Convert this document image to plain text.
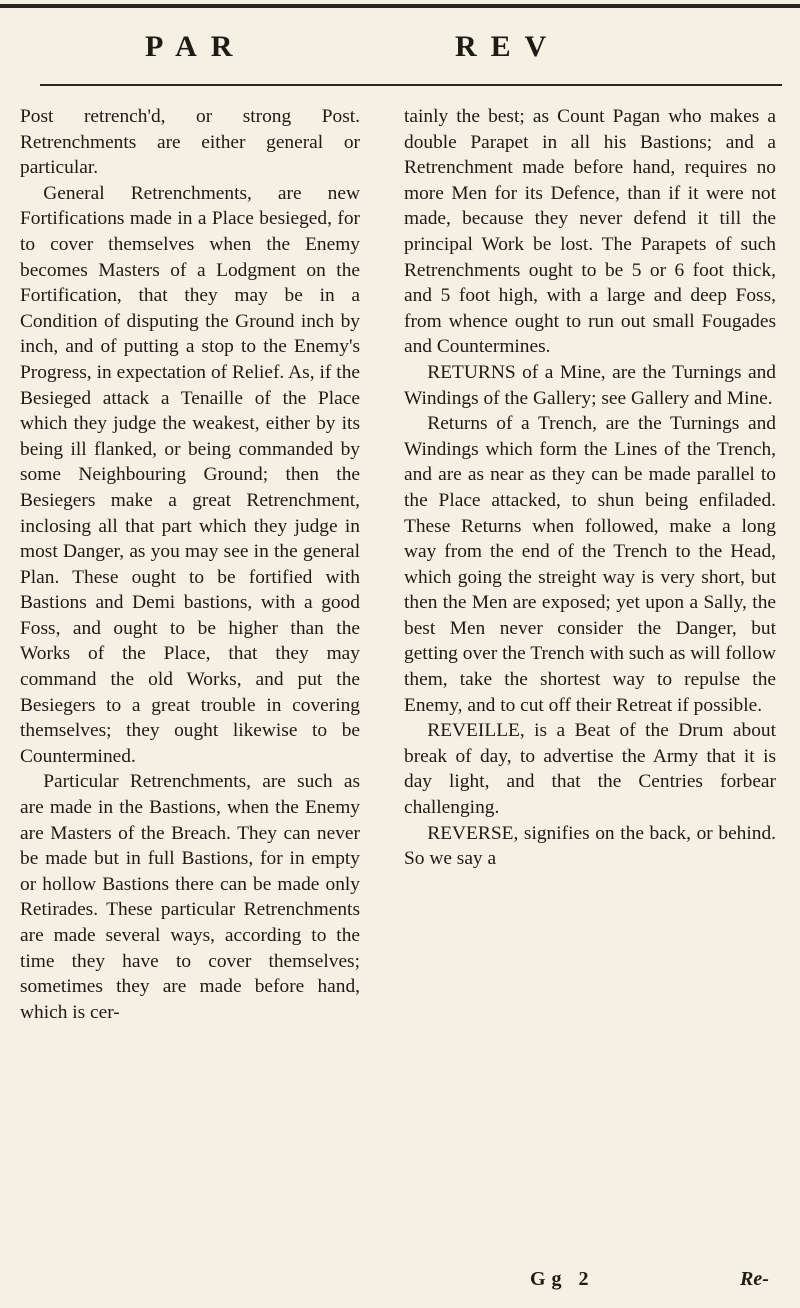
PAR	REV

Post retrench'd, or strong Post. Retrenchments are either general or particular.

General Retrenchments, are new Fortifications made in a Place besieged, for to cover themselves when the Enemy becomes Masters of a Lodgment on the Fortification, that they may be in a Condition of disputing the Ground inch by inch, and of putting a stop to the Enemy's Progress, in expectation of Relief. As, if the Besieged attack a Tenaille of the Place which they judge the weakest, either by its being ill flanked, or being commanded by some Neighbouring Ground; then the Besiegers make a great Retrenchment, inclosing all that part which they judge in most Danger, as you may see in the general Plan. These ought to be fortified with Bastions and Demi bastions, with a good Foss, and ought to be higher than the Works of the Place, that they may command the old Works, and put the Besiegers to a great trouble in covering themselves; they ought likewise to be Countermined.

Particular Retrenchments, are such as are made in the Bastions, when the Enemy are Masters of the Breach. They can never be made but in full Bastions, for in empty or hollow Bastions there can be made only Retirades. These particular Retrenchments are made several ways, according to the time they have to cover themselves; sometimes they are made before hand, which is cer-

tainly the best; as Count Pagan who makes a double Parapet in all his Bastions; and a Retrenchment made before hand, requires no more Men for its Defence, than if it were not made, because they never defend it till the principal Work be lost. The Parapets of such Retrenchments ought to be 5 or 6 foot thick, and 5 foot high, with a large and deep Foss, from whence ought to run out small Fougades and Countermines.

RETURNS of a Mine, are the Turnings and Windings of the Gallery; see Gallery and Mine.

Returns of a Trench, are the Turnings and Windings which form the Lines of the Trench, and are as near as they can be made parallel to the Place attacked, to shun being enfiladed. These Returns when followed, make a long way from the end of the Trench to the Head, which going the streight way is very short, but then the Men are exposed; yet upon a Sally, the best Men never consider the Danger, but getting over the Trench with such as will follow them, take the shortest way to repulse the Enemy, and to cut off their Retreat if possible.

REVEILLE, is a Beat of the Drum about break of day, to advertise the Army that it is day light, and that the Centries forbear challenging.

REVERSE, signifies on the back, or behind. So we say a

Gg 2	Re-
